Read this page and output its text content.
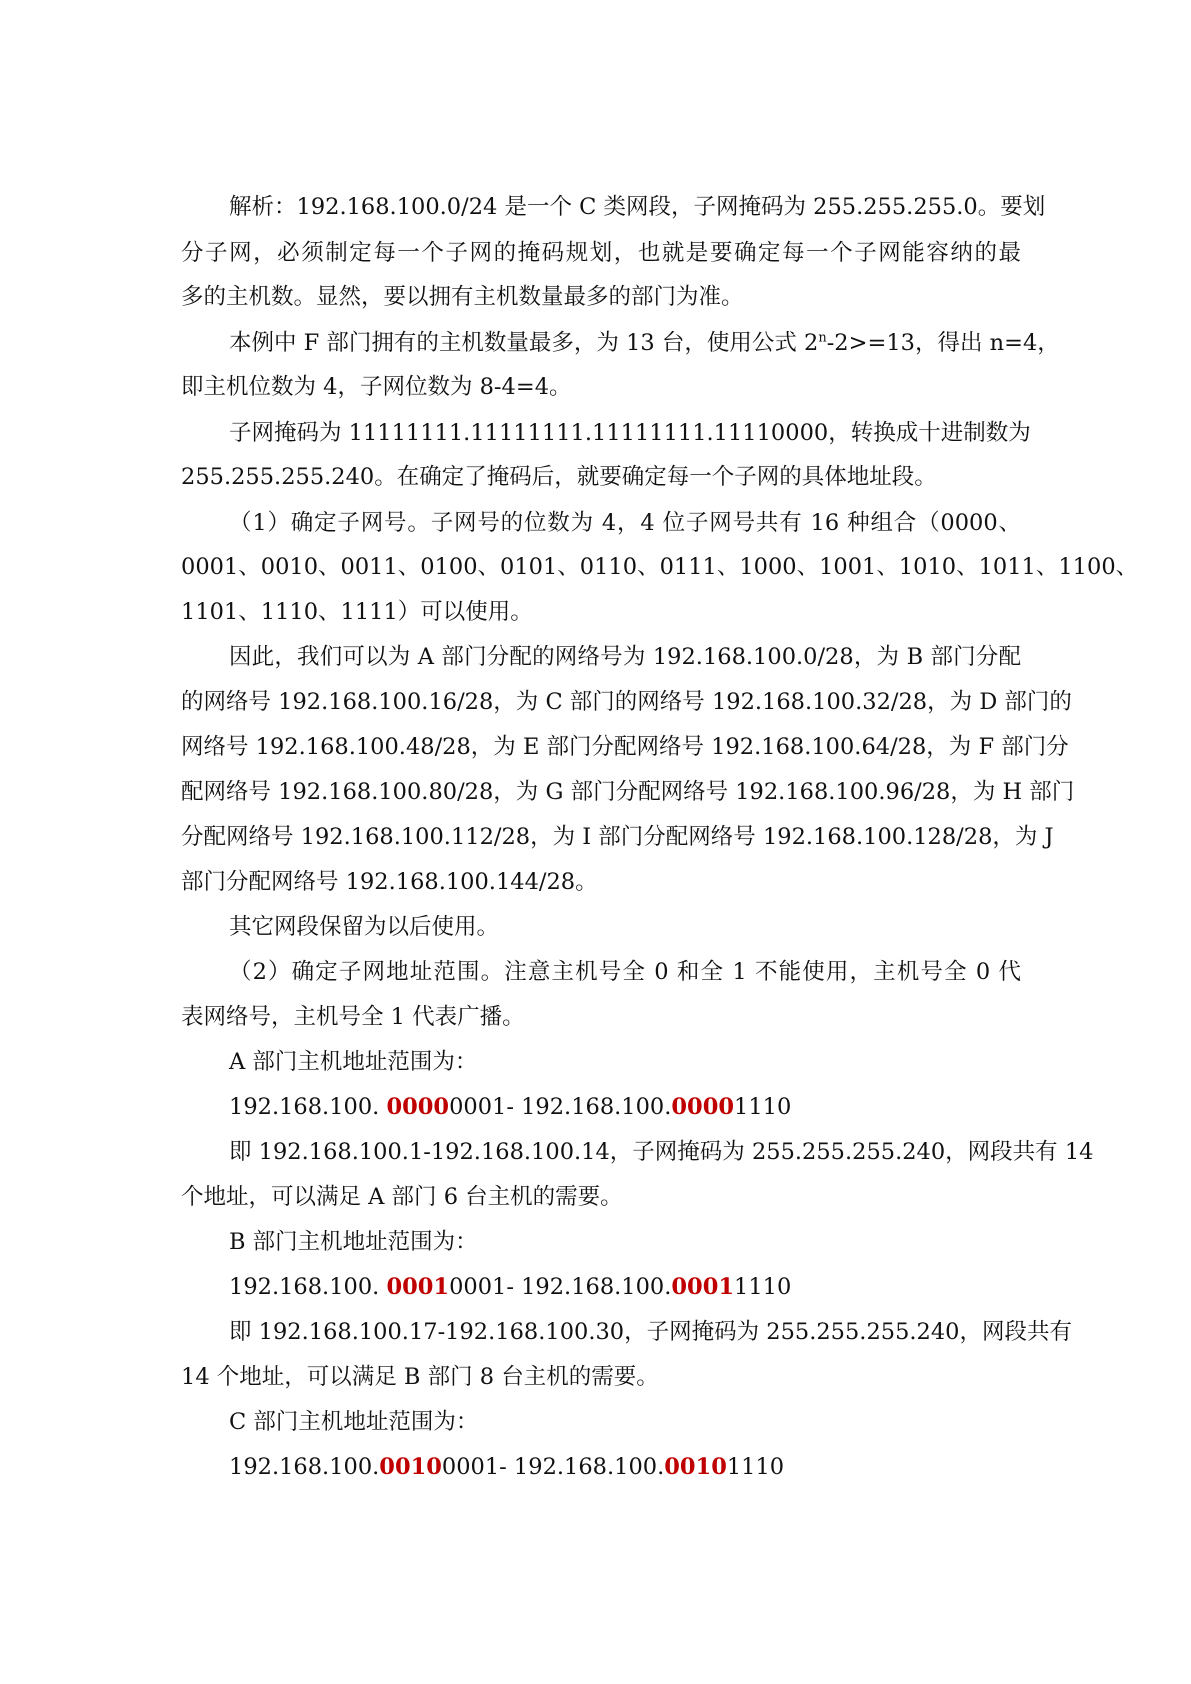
解析：192.168.100.0/24 是一个 C 类网段，子网掩码为 255.255.255.0。要划
分子网，必须制定每一个子网的掩码规划，也就是要确定每一个子网能容纳的最
多的主机数。显然，要以拥有主机数量最多的部门为准。
本例中 F 部门拥有的主机数量最多，为 13 台，使用公式 $2^n-2>=13$，得出 n=4，
即主机位数为 4，子网位数为 8-4=4。
子网掩码为 11111111.11111111.11111111.11110000，转换成十进制数为
255.255.255.240。在确定了掩码后，就要确定每一个子网的具体地址段。
（1）确定子网号。子网号的位数为 4，4 位子网号共有 16 种组合（0000、
0001、0010、0011、0100、0101、0110、0111、1000、1001、1010、1011、1100、
1101、1110、1111）可以使用。
因此，我们可以为 A 部门分配的网络号为 192.168.100.0/28，为 B 部门分配
的网络号 192.168.100.16/28，为 C 部门的网络号 192.168.100.32/28，为 D 部门的
网络号 192.168.100.48/28，为 E 部门分配网络号 192.168.100.64/28，为 F 部门分
配网络号 192.168.100.80/28，为 G 部门分配网络号 192.168.100.96/28，为 H 部门
分配网络号 192.168.100.112/28，为 I 部门分配网络号 192.168.100.128/28，为 J
部门分配网络号 192.168.100.144/28。
其它网段保留为以后使用。
（2）确定子网地址范围。注意主机号全 0 和全 1 不能使用，主机号全 0 代
表网络号，主机号全 1 代表广播。
A 部门主机地址范围为：
192.168.100. 00000001- 192.168.100.00001110
即 192.168.100.1-192.168.100.14，子网掩码为 255.255.255.240，网段共有 14
个地址，可以满足 A 部门 6 台主机的需要。
B 部门主机地址范围为：
192.168.100. 00010001- 192.168.100.00011110
即 192.168.100.17-192.168.100.30，子网掩码为 255.255.255.240，网段共有
14 个地址，可以满足 B 部门 8 台主机的需要。
C 部门主机地址范围为：
192.168.100.00100001- 192.168.100.00101110
